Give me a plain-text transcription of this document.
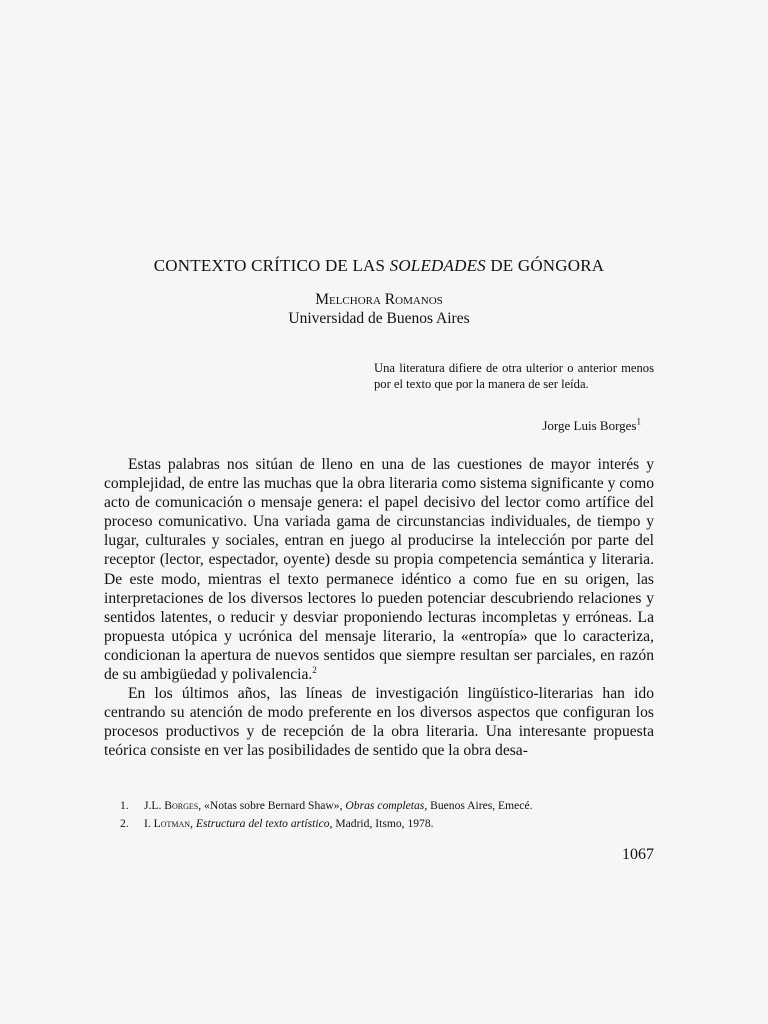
CONTEXTO CRÍTICO DE LAS SOLEDADES DE GÓNGORA
Melchora Romanos
Universidad de Buenos Aires
Una literatura difiere de otra ulterior o anterior menos por el texto que por la manera de ser leída.
Jorge Luis Borges$^1$

Estas palabras nos sitúan de lleno en una de las cuestiones de mayor interés y complejidad, de entre las muchas que la obra literaria como sistema significante y como acto de comunicación o mensaje genera: el papel decisivo del lector como artífice del proceso comunicativo. Una variada gama de circunstancias individuales, de tiempo y lugar, culturales y sociales, entran en juego al producirse la intelección por parte del receptor (lector, espectador, oyente) desde su propia competencia semántica y literaria. De este modo, mientras el texto permanece idéntico a como fue en su origen, las interpretaciones de los diversos lectores lo pueden potenciar descubriendo relaciones y sentidos latentes, o reducir y desviar proponiendo lecturas incompletas y erróneas. La propuesta utópica y ucrónica del mensaje literario, la «entropía» que lo caracteriza, condicionan la apertura de nuevos sentidos que siempre resultan ser parciales, en razón de su ambigüedad y polivalencia.$^2$

En los últimos años, las líneas de investigación lingüístico-literarias han ido centrando su atención de modo preferente en los diversos aspectos que configuran los procesos productivos y de recepción de la obra literaria. Una interesante propuesta teórica consiste en ver las posibilidades de sentido que la obra desa-

1.	J.L. Borges, «Notas sobre Bernard Shaw», Obras completas, Buenos Aires, Emecé.
2.	I. Lotman, Estructura del texto artístico, Madrid, Itsmo, 1978.
1067
